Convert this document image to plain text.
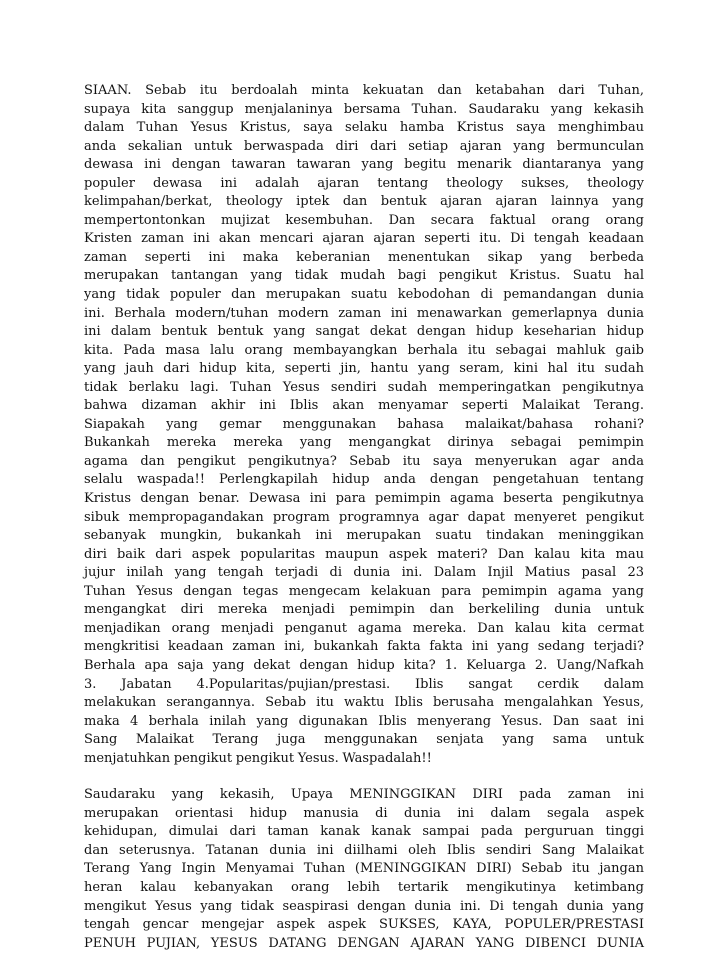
SIAAN. Sebab itu berdoalah minta kekuatan dan ketabahan dari Tuhan,
supaya kita sanggup menjalaninya bersama Tuhan. Saudaraku yang kekasih
dalam Tuhan Yesus Kristus, saya selaku hamba Kristus saya menghimbau
anda sekalian untuk berwaspada diri dari setiap ajaran yang bermunculan
dewasa ini dengan tawaran tawaran yang begitu menarik diantaranya yang
populer dewasa ini adalah ajaran tentang theology sukses, theology
kelimpahan/berkat, theology iptek dan bentuk ajaran ajaran lainnya yang
mempertontonkan mujizat kesembuhan. Dan secara faktual orang orang
Kristen zaman ini akan mencari ajaran ajaran seperti itu. Di tengah keadaan
zaman seperti ini maka keberanian menentukan sikap yang berbeda
merupakan tantangan yang tidak mudah bagi pengikut Kristus. Suatu hal
yang tidak populer dan merupakan suatu kebodohan di pemandangan dunia
ini. Berhala modern/tuhan modern zaman ini menawarkan gemerlapnya dunia
ini dalam bentuk bentuk yang sangat dekat dengan hidup keseharian hidup
kita. Pada masa lalu orang membayangkan berhala itu sebagai mahluk gaib
yang jauh dari hidup kita, seperti jin, hantu yang seram, kini hal itu sudah
tidak berlaku lagi. Tuhan Yesus sendiri sudah memperingatkan pengikutnya
bahwa dizaman akhir ini Iblis akan menyamar seperti Malaikat Terang.
Siapakah yang gemar menggunakan bahasa malaikat/bahasa rohani?
Bukankah mereka mereka yang mengangkat dirinya sebagai pemimpin
agama dan pengikut pengikutnya? Sebab itu saya menyerukan agar anda
selalu waspada!! Perlengkapilah hidup anda dengan pengetahuan tentang
Kristus dengan benar. Dewasa ini para pemimpin agama beserta pengikutnya
sibuk mempropagandakan program programnya agar dapat menyeret pengikut
sebanyak mungkin, bukankah ini merupakan suatu tindakan meninggikan
diri baik dari aspek popularitas maupun aspek materi? Dan kalau kita mau
jujur inilah yang tengah terjadi di dunia ini. Dalam Injil Matius pasal 23
Tuhan Yesus dengan tegas mengecam kelakuan para pemimpin agama yang
mengangkat diri mereka menjadi pemimpin dan berkeliling dunia untuk
menjadikan orang menjadi penganut agama mereka. Dan kalau kita cermat
mengkritisi keadaan zaman ini, bukankah fakta fakta ini yang sedang terjadi?
Berhala apa saja yang dekat dengan hidup kita? 1. Keluarga 2. Uang/Nafkah
3. Jabatan 4.Popularitas/pujian/prestasi. Iblis sangat cerdik dalam
melakukan serangannya. Sebab itu waktu Iblis berusaha mengalahkan Yesus,
maka 4 berhala inilah yang digunakan Iblis menyerang Yesus. Dan saat ini
Sang Malaikat Terang juga menggunakan senjata yang sama untuk
menjatuhkan pengikut pengikut Yesus. Waspadalah!!
Saudaraku yang kekasih, Upaya MENINGGIKAN DIRI pada zaman ini
merupakan orientasi hidup manusia di dunia ini dalam segala aspek
kehidupan, dimulai dari taman kanak kanak sampai pada perguruan tinggi
dan seterusnya. Tatanan dunia ini diilhami oleh Iblis sendiri Sang Malaikat
Terang Yang Ingin Menyamai Tuhan (MENINGGIKAN DIRI) Sebab itu jangan
heran kalau kebanyakan orang lebih tertarik mengikutinya ketimbang
mengikut Yesus yang tidak seaspirasi dengan dunia ini. Di tengah dunia yang
tengah gencar mengejar aspek aspek SUKSES, KAYA, POPULER/PRESTASI
PENUH PUJIAN, YESUS DATANG DENGAN AJARAN YANG DIBENCI DUNIA
